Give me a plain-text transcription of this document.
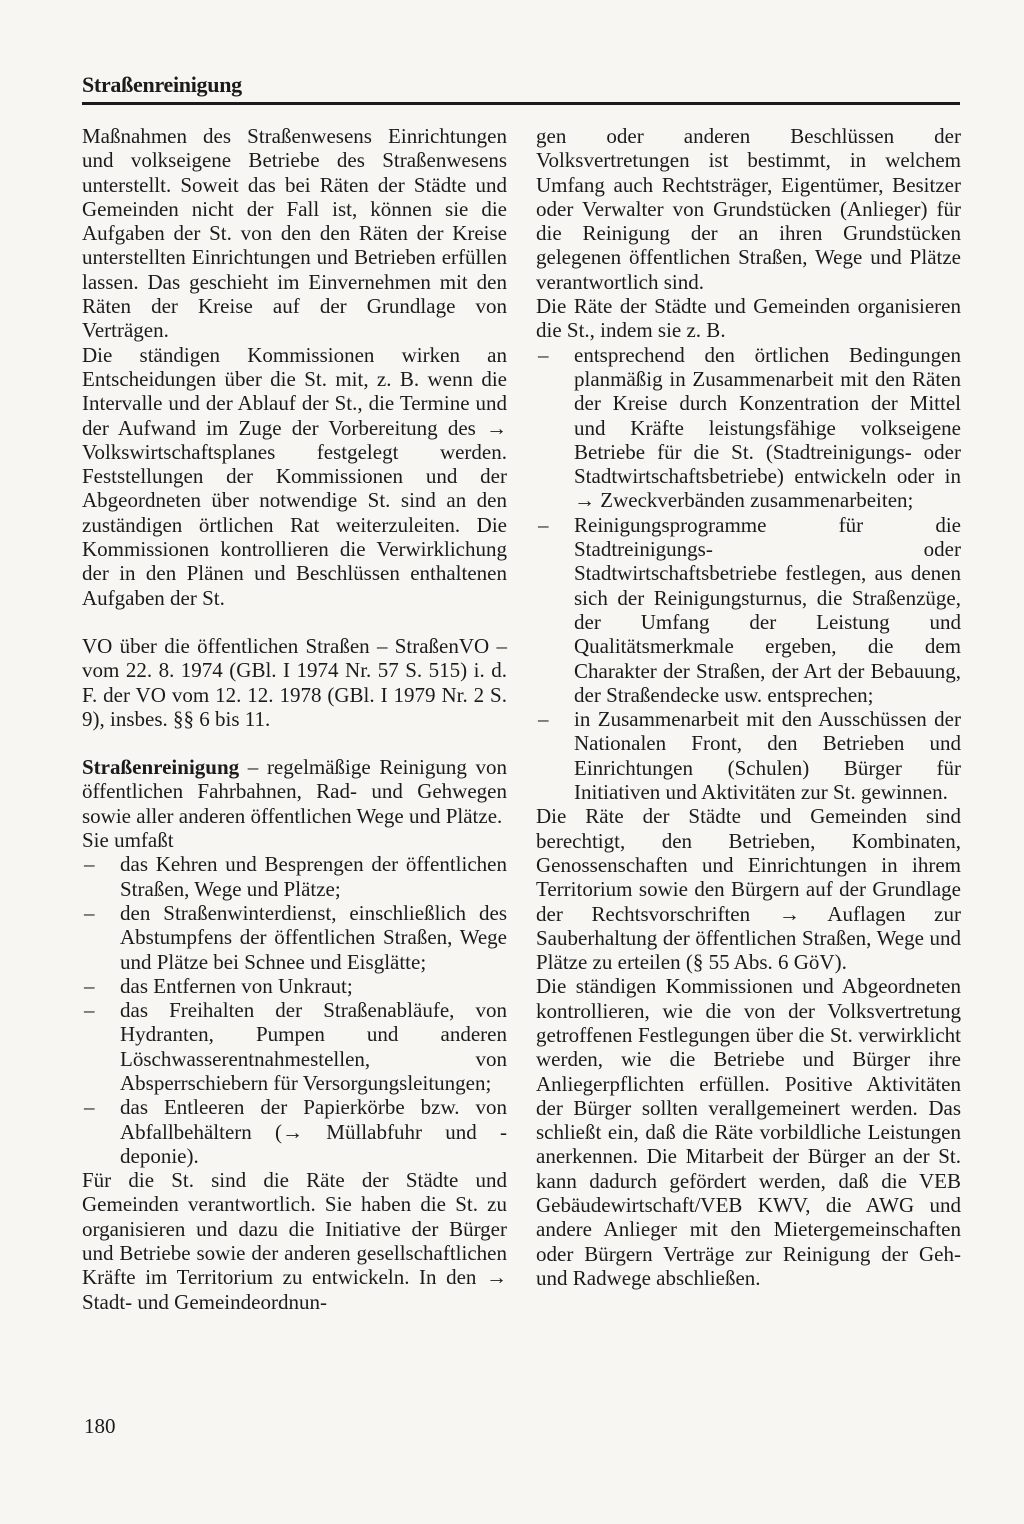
Straßenreinigung

Maßnahmen des Straßenwesens Einrichtungen und volkseigene Betriebe des Straßenwesens unterstellt. Soweit das bei Räten der Städte und Gemeinden nicht der Fall ist, können sie die Aufgaben der St. von den den Räten der Kreise unterstellten Einrichtungen und Betrieben erfüllen lassen. Das geschieht im Einvernehmen mit den Räten der Kreise auf der Grundlage von Verträgen.

Die ständigen Kommissionen wirken an Entscheidungen über die St. mit, z. B. wenn die Intervalle und der Ablauf der St., die Termine und der Aufwand im Zuge der Vorbereitung des → Volkswirtschaftsplanes festgelegt werden. Feststellungen der Kommissionen und der Abgeordneten über notwendige St. sind an den zuständigen örtlichen Rat weiterzuleiten. Die Kommissionen kontrollieren die Verwirklichung der in den Plänen und Beschlüssen enthaltenen Aufgaben der St.

VO über die öffentlichen Straßen – StraßenVO – vom 22. 8. 1974 (GBl. I 1974 Nr. 57 S. 515) i. d. F. der VO vom 12. 12. 1978 (GBl. I 1979 Nr. 2 S. 9), insbes. §§ 6 bis 11.

Straßenreinigung – regelmäßige Reinigung von öffentlichen Fahrbahnen, Rad- und Gehwegen sowie aller anderen öffentlichen Wege und Plätze.

Sie umfaßt

– das Kehren und Besprengen der öffentlichen Straßen, Wege und Plätze;
– den Straßenwinterdienst, einschließlich des Abstumpfens der öffentlichen Straßen, Wege und Plätze bei Schnee und Eisglätte;
– das Entfernen von Unkraut;
– das Freihalten der Straßenabläufe, von Hydranten, Pumpen und anderen Löschwasserentnahmestellen, von Absperrschiebern für Versorgungsleitungen;
– das Entleeren der Papierkörbe bzw. von Abfallbehältern (→ Müllabfuhr und -deponie).

Für die St. sind die Räte der Städte und Gemeinden verantwortlich. Sie haben die St. zu organisieren und dazu die Initiative der Bürger und Betriebe sowie der anderen gesellschaftlichen Kräfte im Territorium zu entwickeln. In den → Stadt- und Gemeindeordnun-

gen oder anderen Beschlüssen der Volksvertretungen ist bestimmt, in welchem Umfang auch Rechtsträger, Eigentümer, Besitzer oder Verwalter von Grundstücken (Anlieger) für die Reinigung der an ihren Grundstücken gelegenen öffentlichen Straßen, Wege und Plätze verantwortlich sind.

Die Räte der Städte und Gemeinden organisieren die St., indem sie z. B.

– entsprechend den örtlichen Bedingungen planmäßig in Zusammenarbeit mit den Räten der Kreise durch Konzentration der Mittel und Kräfte leistungsfähige volkseigene Betriebe für die St. (Stadtreinigungs- oder Stadtwirtschaftsbetriebe) entwickeln oder in → Zweckverbänden zusammenarbeiten;
– Reinigungsprogramme für die Stadtreinigungs- oder Stadtwirtschaftsbetriebe festlegen, aus denen sich der Reinigungsturnus, die Straßenzüge, der Umfang der Leistung und Qualitätsmerkmale ergeben, die dem Charakter der Straßen, der Art der Bebauung, der Straßendecke usw. entsprechen;
– in Zusammenarbeit mit den Ausschüssen der Nationalen Front, den Betrieben und Einrichtungen (Schulen) Bürger für Initiativen und Aktivitäten zur St. gewinnen.

Die Räte der Städte und Gemeinden sind berechtigt, den Betrieben, Kombinaten, Genossenschaften und Einrichtungen in ihrem Territorium sowie den Bürgern auf der Grundlage der Rechtsvorschriften → Auflagen zur Sauberhaltung der öffentlichen Straßen, Wege und Plätze zu erteilen (§ 55 Abs. 6 GöV).

Die ständigen Kommissionen und Abgeordneten kontrollieren, wie die von der Volksvertretung getroffenen Festlegungen über die St. verwirklicht werden, wie die Betriebe und Bürger ihre Anliegerpflichten erfüllen. Positive Aktivitäten der Bürger sollten verallgemeinert werden. Das schließt ein, daß die Räte vorbildliche Leistungen anerkennen. Die Mitarbeit der Bürger an der St. kann dadurch gefördert werden, daß die VEB Gebäudewirtschaft/VEB KWV, die AWG und andere Anlieger mit den Mietergemeinschaften oder Bürgern Verträge zur Reinigung der Geh- und Radwege abschließen.

180
